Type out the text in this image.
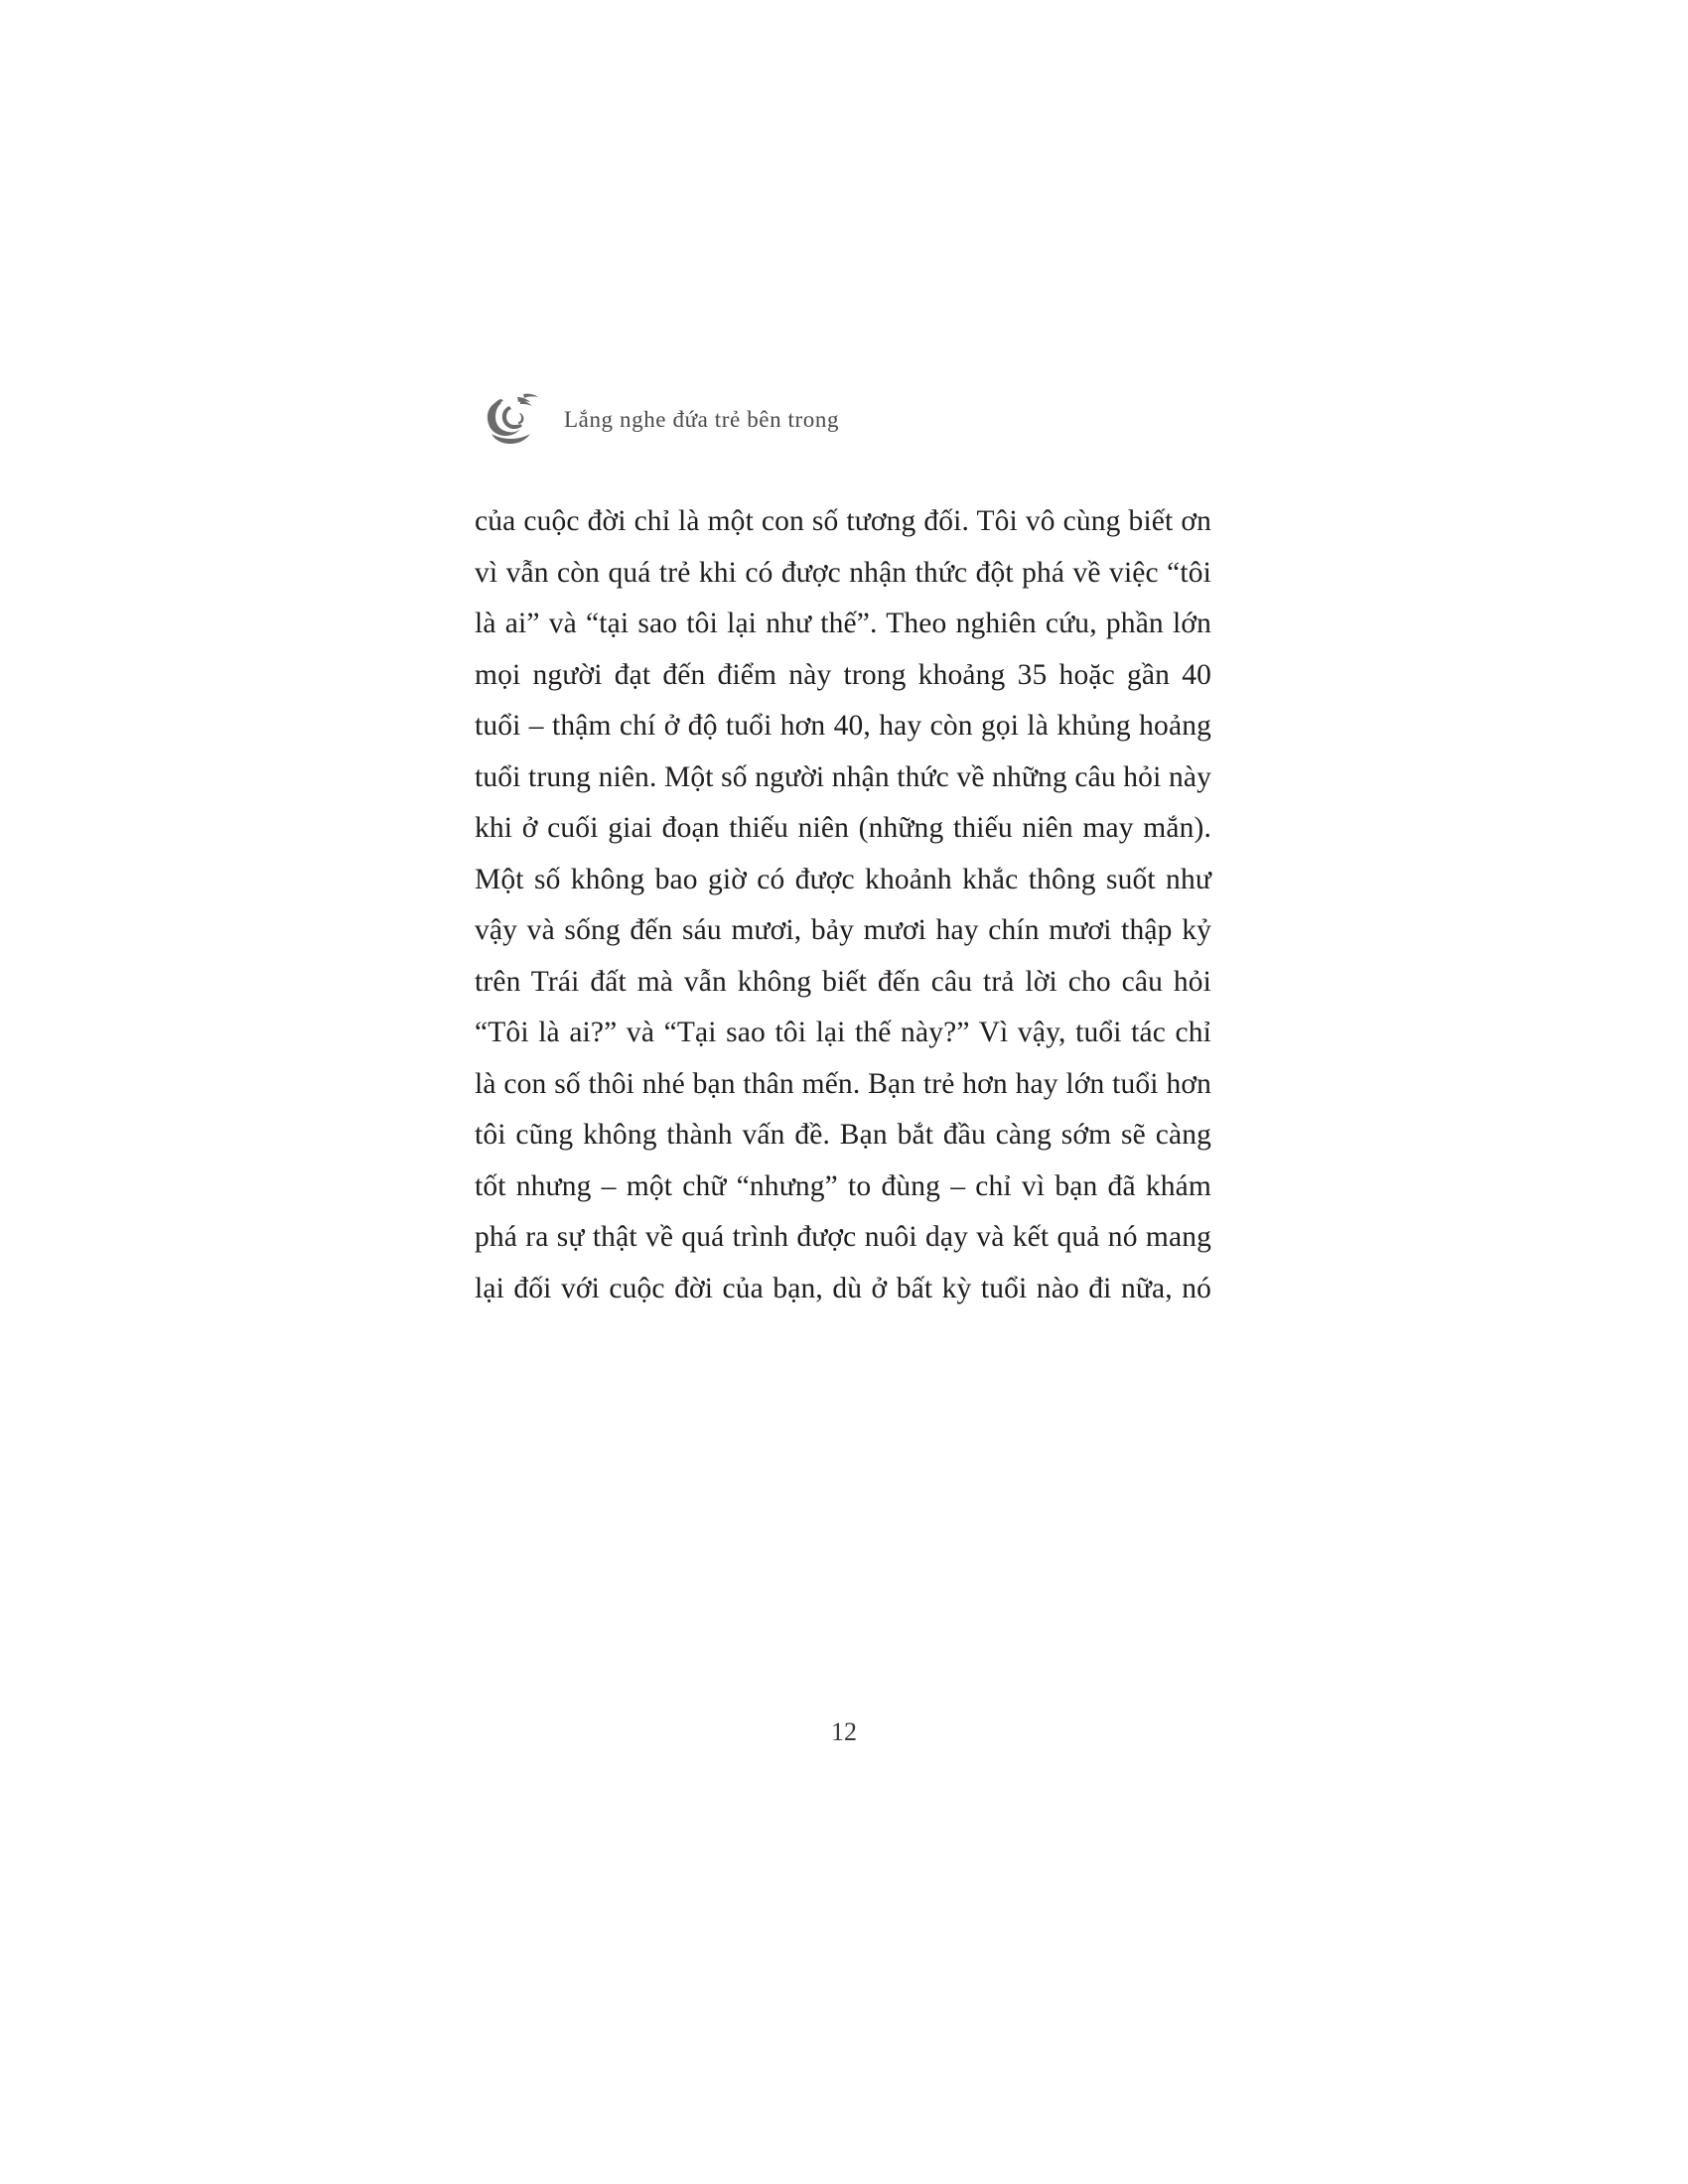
Lắng nghe đứa trẻ bên trong

của cuộc đời chỉ là một con số tương đối. Tôi vô cùng biết ơn vì vẫn còn quá trẻ khi có được nhận thức đột phá về việc “tôi là ai” và “tại sao tôi lại như thế”. Theo nghiên cứu, phần lớn mọi người đạt đến điểm này trong khoảng 35 hoặc gần 40 tuổi – thậm chí ở độ tuổi hơn 40, hay còn gọi là khủng hoảng tuổi trung niên. Một số người nhận thức về những câu hỏi này khi ở cuối giai đoạn thiếu niên (những thiếu niên may mắn). Một số không bao giờ có được khoảnh khắc thông suốt như vậy và sống đến sáu mươi, bảy mươi hay chín mươi thập kỷ trên Trái đất mà vẫn không biết đến câu trả lời cho câu hỏi “Tôi là ai?” và “Tại sao tôi lại thế này?” Vì vậy, tuổi tác chỉ là con số thôi nhé bạn thân mến. Bạn trẻ hơn hay lớn tuổi hơn tôi cũng không thành vấn đề. Bạn bắt đầu càng sớm sẽ càng tốt nhưng – một chữ “nhưng” to đùng – chỉ vì bạn đã khám phá ra sự thật về quá trình được nuôi dạy và kết quả nó mang lại đối với cuộc đời của bạn, dù ở bất kỳ tuổi nào đi nữa, nó

12
